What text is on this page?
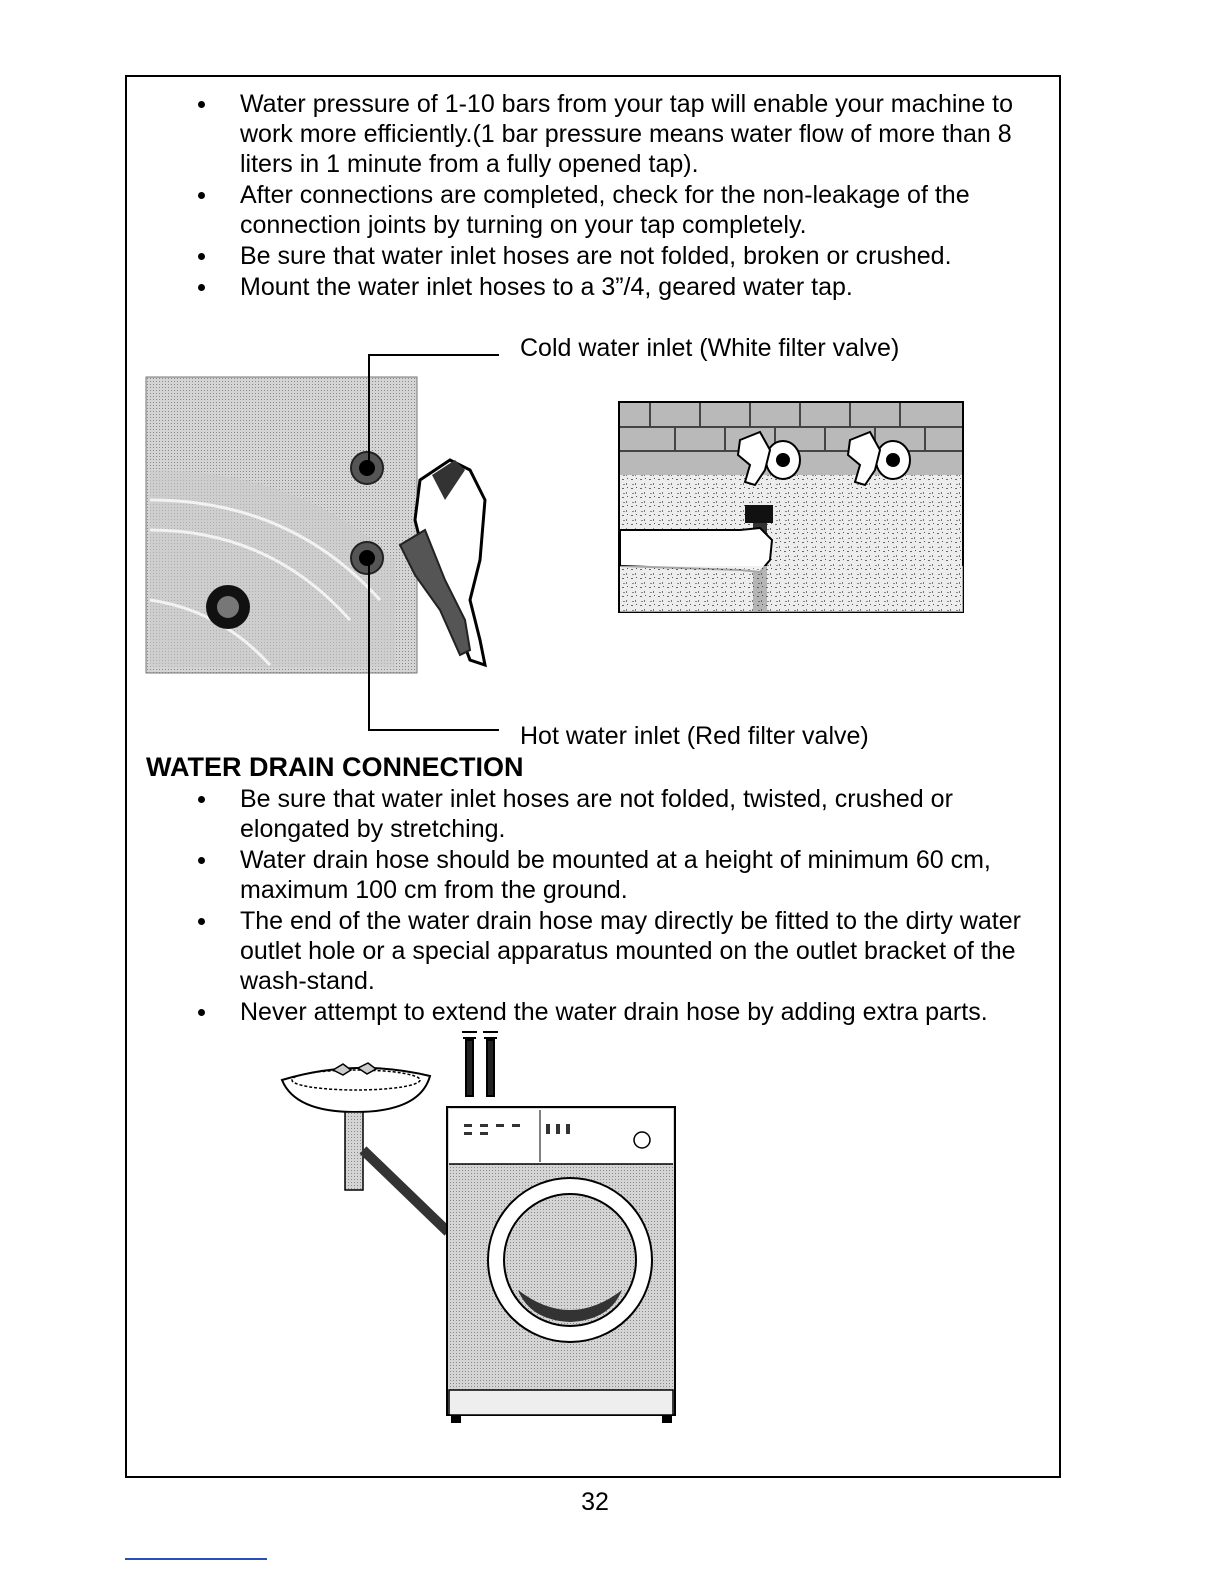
Water pressure of 1-10 bars from your tap will enable your machine to work more efficiently.(1 bar pressure means water flow of more than 8 liters in 1 minute from a fully opened tap).
After connections are completed, check for the non-leakage of the connection joints by turning on your tap completely.
Be sure that water inlet hoses are not folded, broken or crushed.
Mount the water inlet hoses to a 3”/4, geared water tap.
Cold water inlet (White filter valve)
Hot water inlet (Red filter valve)
WATER DRAIN CONNECTION
Be sure that water inlet hoses are not folded, twisted, crushed or elongated by stretching.
Water drain hose should be mounted at a height of minimum 60 cm, maximum 100 cm from the ground.
The end of the water drain hose may directly be fitted to the dirty water outlet hole or a special apparatus mounted on the outlet bracket of the wash-stand.
Never attempt to extend the water drain hose by adding extra parts.
32
